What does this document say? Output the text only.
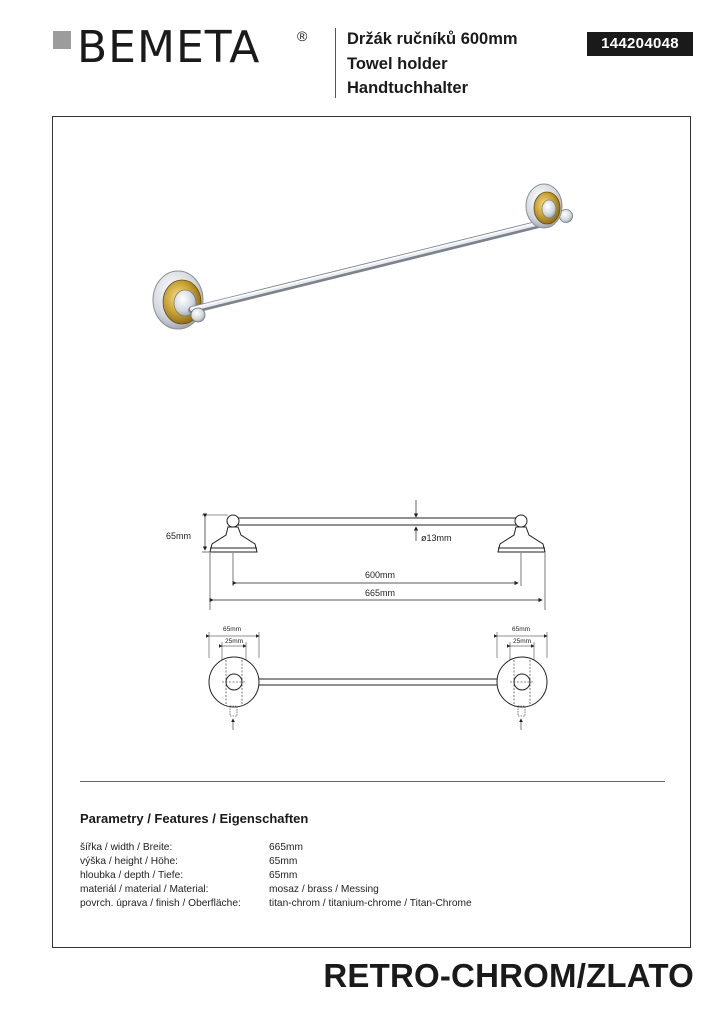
BEMETA	® Držák ručníků 600mm
Towel holder
Handtuchhalter
144204048
65mm	ø13mm
600mm
665mm
65mm
25mm
65mm
25mm
Parametry / Features / Eigenschaften
šířka / width / Breite:	665mm
výška / height / Höhe:	65mm
hloubka / depth / Tiefe:	65mm
materiál / material / Material:	mosaz / brass / Messing
povrch. úprava / finish / Oberfläche:	titan-chrom / titanium-chrome / Titan-Chrome
RETRO-CHROM/ZLATO
